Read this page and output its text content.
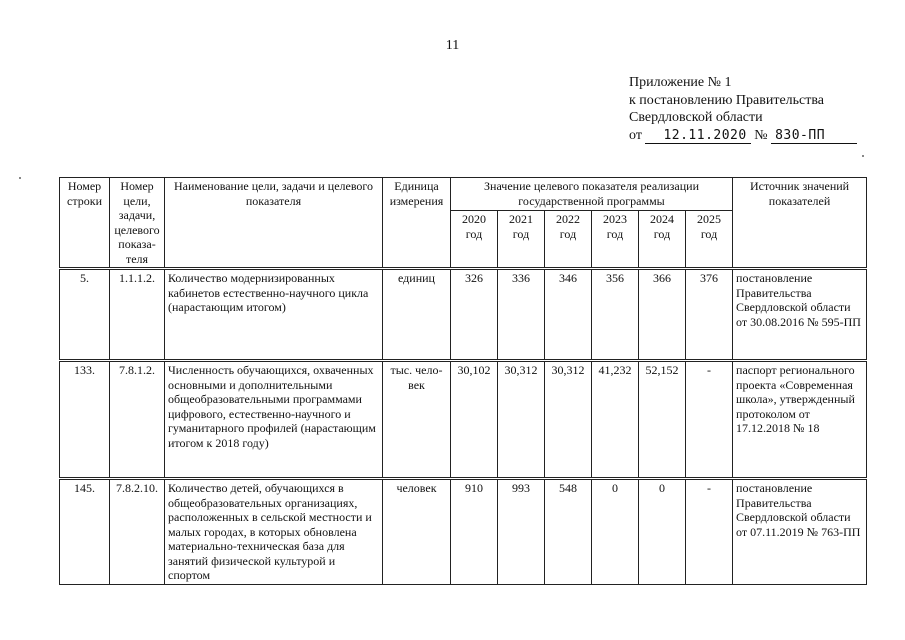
11
Приложение № 1
к постановлению Правительства
Свердловской области
от 12.11.2020 № 830-ПП
Номер строки	Номер цели, задачи, целевого показа-теля	Наименование цели, задачи и целевого показателя	Единица измерения	Значение целевого показателя реализации государственной программы						Источник значений показателей
				2020 год	2021 год	2022 год	2023 год	2024 год	2025 год	
5.	1.1.1.2.	Количество модернизированных кабинетов естественно-научного цикла (нарастающим итогом)	единиц	326	336	346	356	366	376	постановление Правительства Свердловской области от 30.08.2016 № 595-ПП
133.	7.8.1.2.	Численность обучающихся, охваченных основными и дополнительными общеобразовательными программами цифрового, естественно-научного и гуманитарного профилей (нарастающим итогом к 2018 году)	тыс. чело-век	30,102	30,312	30,312	41,232	52,152	-	паспорт регионального проекта «Современная школа», утвержденный протоколом от 17.12.2018 № 18
145.	7.8.2.10.	Количество детей, обучающихся в общеобразовательных организациях, расположенных в сельской местности и малых городах, в которых обновлена материально-техническая база для занятий физической культурой и спортом	человек	910	993	548	0	0	-	постановление Правительства Свердловской области от 07.11.2019 № 763-ПП
